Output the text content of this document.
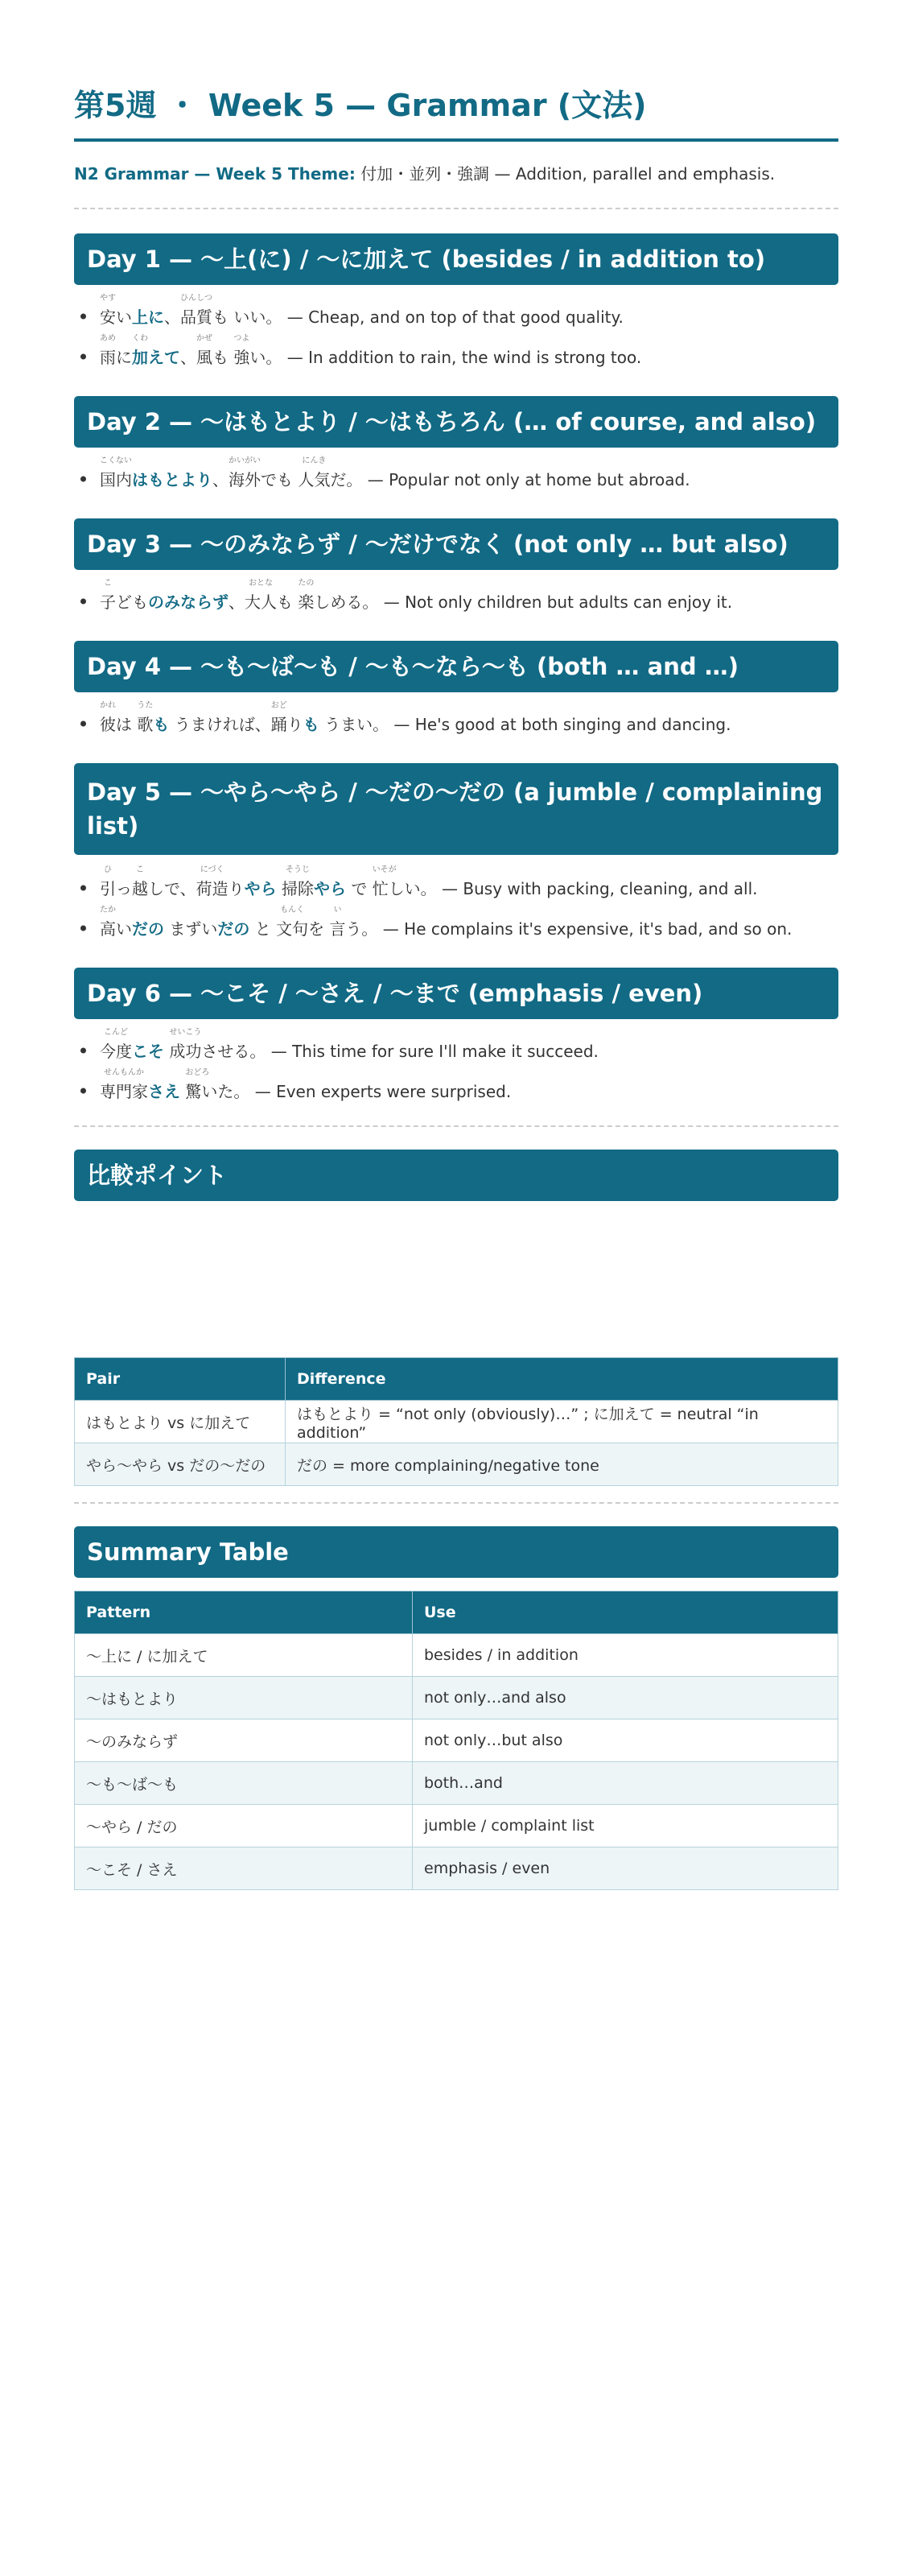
第5週 ・ Week 5 — Grammar (文法)
N2 Grammar — Week 5 Theme: 付加・並列・強調 — Addition, parallel and emphasis.
Day 1 — 〜上(に) / 〜に加えて (besides / in addition to)
やす
安い上に、
ひんしつ
品質も いい。 — Cheap, and on top of that good quality.
あめ
雨に
くわ
加えて、
かぜ
風も
つよ
強い。 — In addition to rain, the wind is strong too.
Day 2 — 〜はもとより / 〜はもちろん (… of course, and also)
こくない
国内はもとより、
かいがい
海外でも
にんき
人気だ。 — Popular not only at home but abroad.
Day 3 — 〜のみならず / 〜だけでなく (not only … but also)
こ
子どものみならず、
おとな
大人も
たの
楽しめる。 — Not only children but adults can enjoy it.
Day 4 — 〜も〜ば〜も / 〜も〜なら〜も (both … and …)
かれ
彼は
うた
歌も うまければ、
おど
踊りも うまい。 — He's good at both singing and dancing.
Day 5 — 〜やら〜やら / 〜だの〜だの (a jumble / complaining list)
ひ
引っ
こ
越しで、
にづく
荷造りやら
そうじ
掃除やら で
いそが
忙しい。 — Busy with packing, cleaning, and all.
たか
高いだの まずいだの と
もんく
文句を
い
言う。 — He complains it's expensive, it's bad, and so on.
Day 6 — 〜こそ / 〜さえ / 〜まで (emphasis / even)
こんど
今度こそ
せいこう
成功させる。 — This time for sure I'll make it succeed.
せんもんか
専門家さえ
おどろ
驚いた。 — Even experts were surprised.
比較ポイント
Pair	Difference
はもとより vs に加えて	はもとより = “not only (obviously)…” ; に加えて = neutral “in addition”
やら〜やら vs だの〜だの	だの = more complaining/negative tone
Summary Table
Pattern	Use
〜上に / に加えて	besides / in addition
〜はもとより	not only…and also
〜のみならず	not only…but also
〜も〜ば〜も	both…and
〜やら / だの	jumble / complaint list
〜こそ / さえ	emphasis / even
